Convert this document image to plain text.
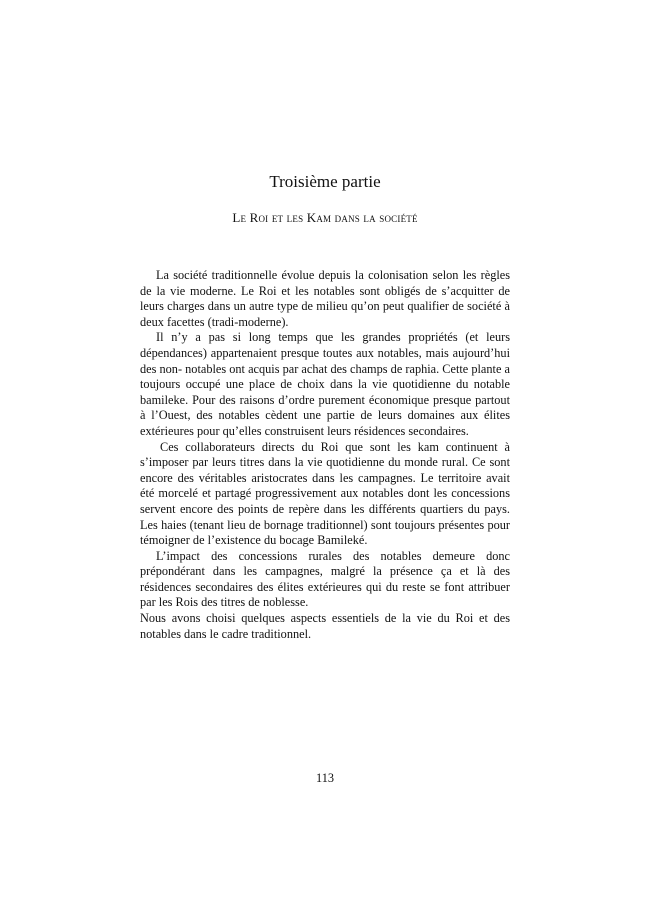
Troisième partie
Le Roi et les Kam dans la société

La société traditionnelle évolue depuis la colonisation selon les règles de la vie moderne. Le Roi et les notables sont obligés de s’acquitter de leurs charges dans un autre type de milieu qu’on peut qualifier de société à deux facettes (tradi-moderne).

Il n’y a pas si long temps que les grandes propriétés (et leurs dépendances) appartenaient presque toutes aux notables, mais aujourd’hui des non- notables ont acquis par achat des champs de raphia. Cette plante a toujours occupé une place de choix dans la vie quotidienne du notable bamileke. Pour des raisons d’ordre purement économique presque partout à l’Ouest, des notables cèdent une partie de leurs domaines aux élites extérieures pour qu’elles construisent leurs résidences secondaires.

Ces collaborateurs directs du Roi que sont les kam continuent à s’imposer par leurs titres dans la vie quotidienne du monde rural. Ce sont encore des véritables aristocrates dans les campagnes. Le territoire avait été morcelé et partagé progressivement aux notables dont les concessions servent encore des points de repère dans les différents quartiers du pays. Les haies (tenant lieu de bornage traditionnel) sont toujours présentes pour témoigner de l’existence du bocage Bamileké.

L’impact des concessions rurales des notables demeure donc prépondérant dans les campagnes, malgré la présence ça et là des résidences secondaires des élites extérieures qui du reste se font attribuer par les Rois des titres de noblesse.

Nous avons choisi quelques aspects essentiels de la vie du Roi et des notables dans le cadre traditionnel.

113
